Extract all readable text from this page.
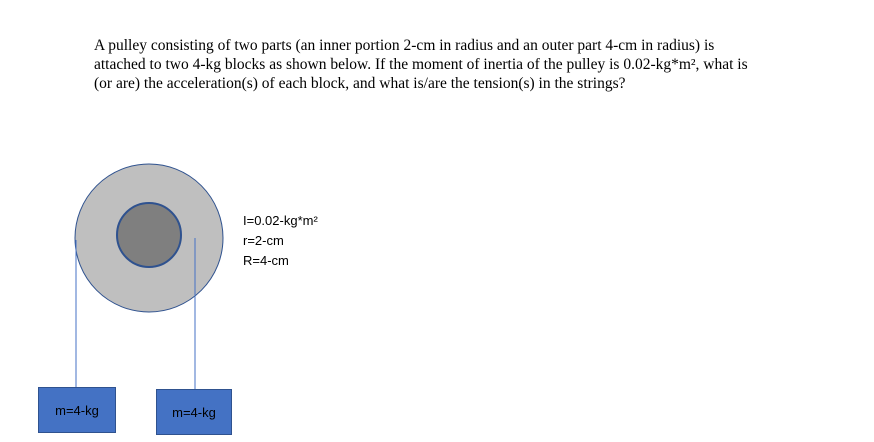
A pulley consisting of two parts (an inner portion 2-cm in radius and an outer part 4-cm in radius) is
attached to two 4-kg blocks as shown below. If the moment of inertia of the pulley is 0.02-kg*m², what is
(or are) the acceleration(s) of each block, and what is/are the tension(s) in the strings?
I=0.02-kg*m²
r=2-cm
R=4-cm
m=4-kg	m=4-kg
